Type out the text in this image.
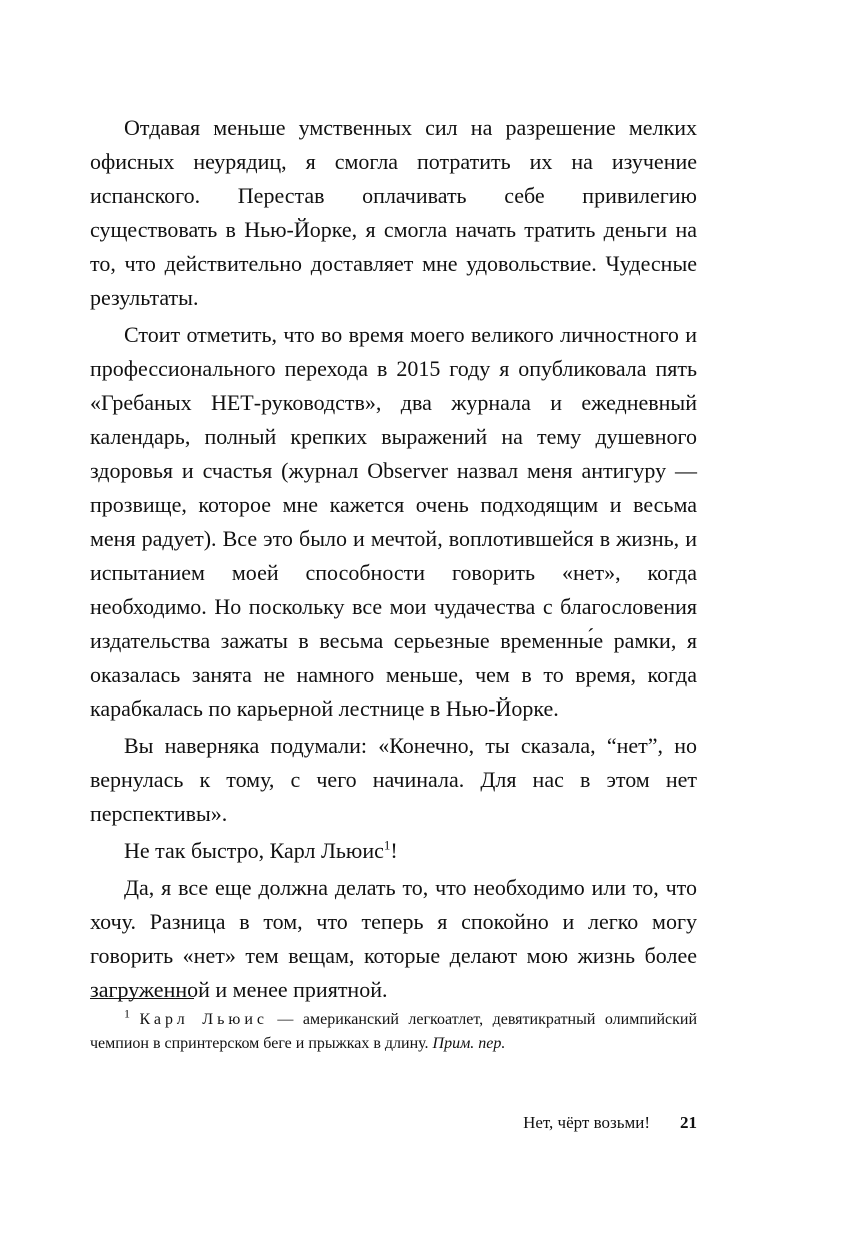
Отдавая меньше умственных сил на разрешение мелких офисных неурядиц, я смогла потратить их на изучение испанского. Перестав оплачивать себе привилегию существовать в Нью-Йорке, я смогла начать тратить деньги на то, что действительно доставляет мне удовольствие. Чудесные результаты.

Стоит отметить, что во время моего великого личностного и профессионального перехода в 2015 году я опубликовала пять «Гребаных НЕТ-руководств», два журнала и ежедневный календарь, полный крепких выражений на тему душевного здоровья и счастья (журнал Observer назвал меня антигуру — прозвище, которое мне кажется очень подходящим и весьма меня радует). Все это было и мечтой, воплотившейся в жизнь, и испытанием моей способности говорить «нет», когда необходимо. Но поскольку все мои чудачества с благословения издательства зажаты в весьма серьезные временны́е рамки, я оказалась занята не намного меньше, чем в то время, когда карабкалась по карьерной лестнице в Нью-Йорке.

Вы наверняка подумали: «Конечно, ты сказала, “нет”, но вернулась к тому, с чего начинала. Для нас в этом нет перспективы».

Не так быстро, Карл Льюис$^1$!

Да, я все еще должна делать то, что необходимо или то, что хочу. Разница в том, что теперь я спокойно и легко могу говорить «нет» тем вещам, которые делают мою жизнь более загруженной и менее приятной.

$^1$ Карл Льюис — американский легкоатлет, девятикратный олимпийский чемпион в спринтерском беге и прыжках в длину. Прим. пер.
Нет, чёрт возьми! 21
